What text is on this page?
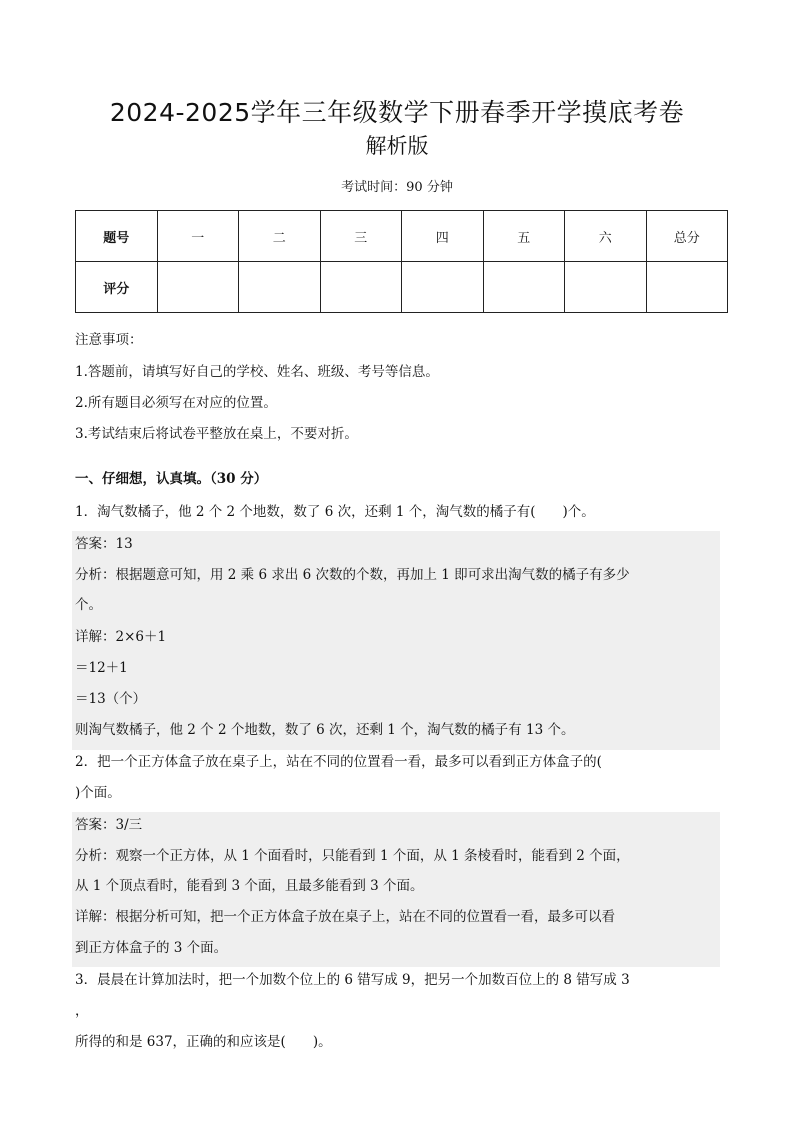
2024-2025学年三年级数学下册春季开学摸底考卷
解析版
考试时间：90 分钟
题号	一	二	三	四	五	六	总分
评分							
注意事项：
1.答题前，请填写好自己的学校、姓名、班级、考号等信息。
2.所有题目必须写在对应的位置。
3.考试结束后将试卷平整放在桌上，不要对折。
一、仔细想，认真填。（30 分）
1．淘气数橘子，他 2 个 2 个地数，数了 6 次，还剩 1 个，淘气数的橘子有(　　)个。
答案：13
分析：根据题意可知，用 2 乘 6 求出 6 次数的个数，再加上 1 即可求出淘气数的橘子有多少
个。
详解：2×6＋1
＝12＋1
＝13（个）
则淘气数橘子，他 2 个 2 个地数，数了 6 次，还剩 1 个，淘气数的橘子有 13 个。
2．把一个正方体盒子放在桌子上，站在不同的位置看一看，最多可以看到正方体盒子的(
)个面。
答案：3/三
分析：观察一个正方体，从 1 个面看时，只能看到 1 个面，从 1 条棱看时，能看到 2 个面，
从 1 个顶点看时，能看到 3 个面，且最多能看到 3 个面。
详解：根据分析可知，把一个正方体盒子放在桌子上，站在不同的位置看一看，最多可以看
到正方体盒子的 3 个面。
3．晨晨在计算加法时，把一个加数个位上的 6 错写成 9，把另一个加数百位上的 8 错写成 3
，
所得的和是 637，正确的和应该是(　　)。
